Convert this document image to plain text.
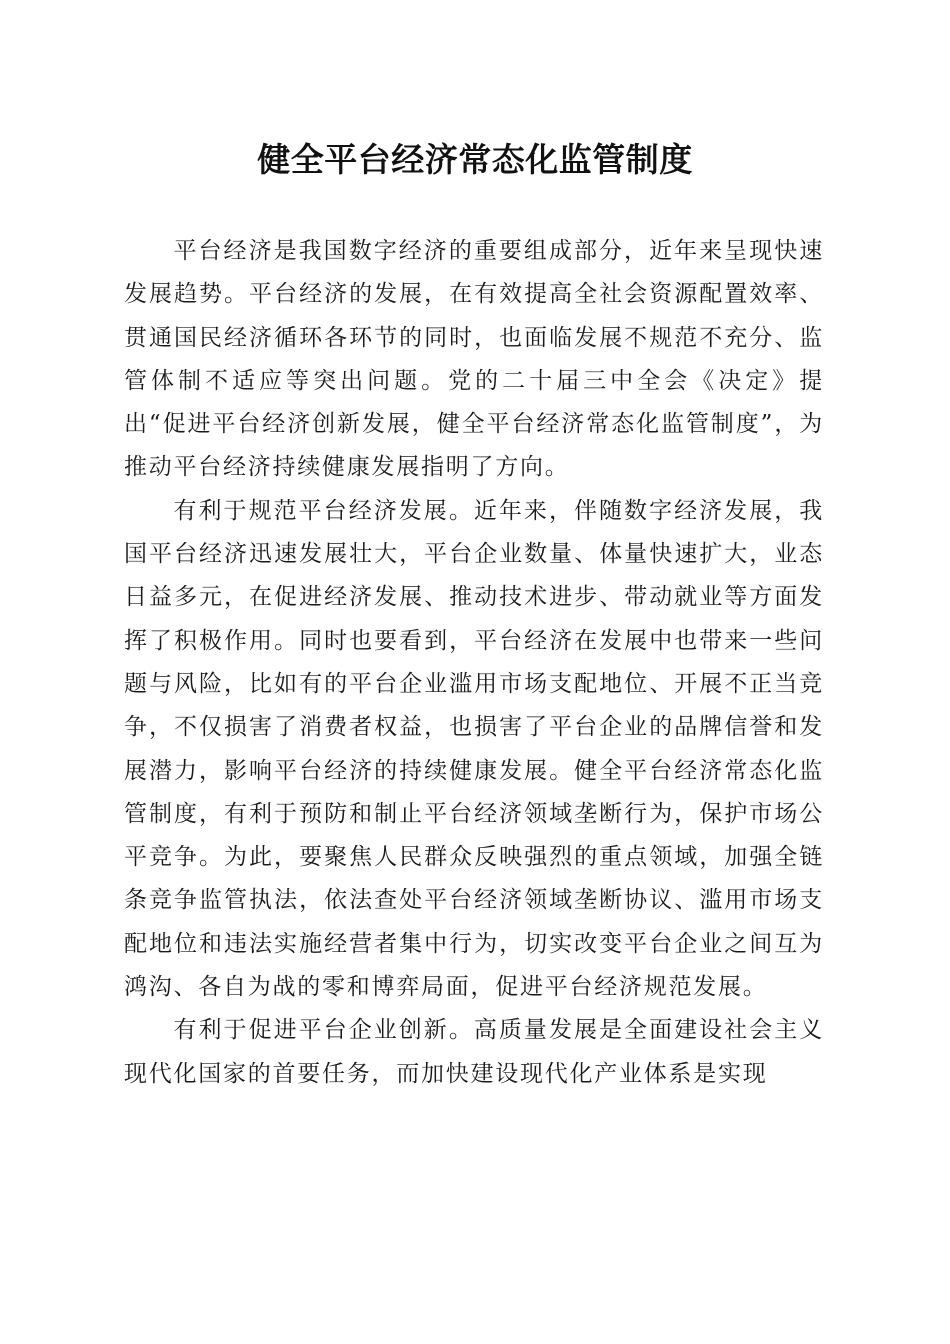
健全平台经济常态化监管制度

平台经济是我国数字经济的重要组成部分，近年来呈现快速发展趋势。平台经济的发展，在有效提高全社会资源配置效率、贯通国民经济循环各环节的同时，也面临发展不规范不充分、监管体制不适应等突出问题。党的二十届三中全会《决定》提出“促进平台经济创新发展，健全平台经济常态化监管制度”，为推动平台经济持续健康发展指明了方向。

有利于规范平台经济发展。近年来，伴随数字经济发展，我国平台经济迅速发展壮大，平台企业数量、体量快速扩大，业态日益多元，在促进经济发展、推动技术进步、带动就业等方面发挥了积极作用。同时也要看到，平台经济在发展中也带来一些问题与风险，比如有的平台企业滥用市场支配地位、开展不正当竞争，不仅损害了消费者权益，也损害了平台企业的品牌信誉和发展潜力，影响平台经济的持续健康发展。健全平台经济常态化监管制度，有利于预防和制止平台经济领域垄断行为，保护市场公平竞争。为此，要聚焦人民群众反映强烈的重点领域，加强全链条竞争监管执法，依法查处平台经济领域垄断协议、滥用市场支配地位和违法实施经营者集中行为，切实改变平台企业之间互为鸿沟、各自为战的零和博弈局面，促进平台经济规范发展。

有利于促进平台企业创新。高质量发展是全面建设社会主义现代化国家的首要任务，而加快建设现代化产业体系是实现
